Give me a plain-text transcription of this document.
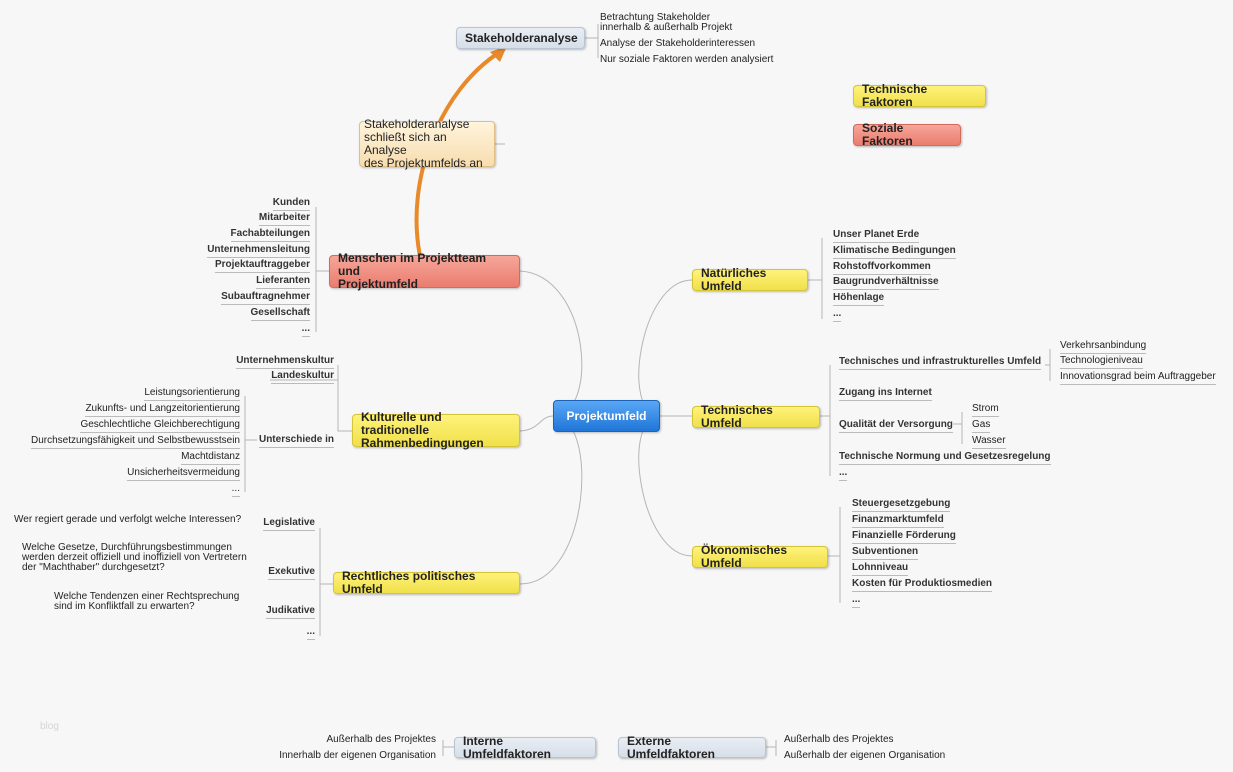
Projektumfeld
Stakeholderanalyse
Betrachtung Stakeholder
innerhalb & außerhalb Projekt
Analyse der Stakeholderinteressen
Nur soziale Faktoren werden analysiert
Stakeholderanalyse
schließt sich an Analyse
des Projektumfelds an
Technische Faktoren
Soziale Faktoren
Menschen im Projektteam und
Projektumfeld
Kunden
Mitarbeiter
Fachabteilungen
Unternehmensleitung
Projektauftraggeber
Lieferanten
Subauftragnehmer
Gesellschaft
...
Kulturelle und traditionelle
Rahmenbedingungen
Unternehmenskultur
Landeskultur
Unterschiede in
Leistungsorientierung
Zukunfts- und Langzeitorientierung
Geschlechtliche Gleichberechtigung
Durchsetzungsfähigkeit und Selbstbewusstsein
Machtdistanz
Unsicherheitsvermeidung
...
Rechtliches politisches Umfeld
Legislative
Wer regiert gerade und verfolgt welche Interessen?
Exekutive
Welche Gesetze, Durchführungsbestimmungen
werden derzeit offiziell und inoffiziell von Vertretern
der "Machthaber" durchgesetzt?
Judikative
Welche Tendenzen einer Rechtsprechung
sind im Konfliktfall zu erwarten?
...
Natürliches Umfeld
Unser Planet Erde
Klimatische Bedingungen
Rohstoffvorkommen
Baugrundverhältnisse
Höhenlage
...
Technisches Umfeld
Technisches und infrastrukturelles Umfeld
Verkehrsanbindung
Technologieniveau
Innovationsgrad beim Auftraggeber
Zugang ins Internet
Qualität der Versorgung
Strom
Gas
Wasser
Technische Normung und Gesetzesregelung
...
Ökonomisches Umfeld
Steuergesetzgebung
Finanzmarktumfeld
Finanzielle Förderung
Subventionen
Lohnniveau
Kosten für Produktiosmedien
...
blog
Interne Umfeldfaktoren
Außerhalb des Projektes
Innerhalb der eigenen Organisation
Externe Umfeldfaktoren
Außerhalb des Projektes
Außerhalb der eigenen Organisation
